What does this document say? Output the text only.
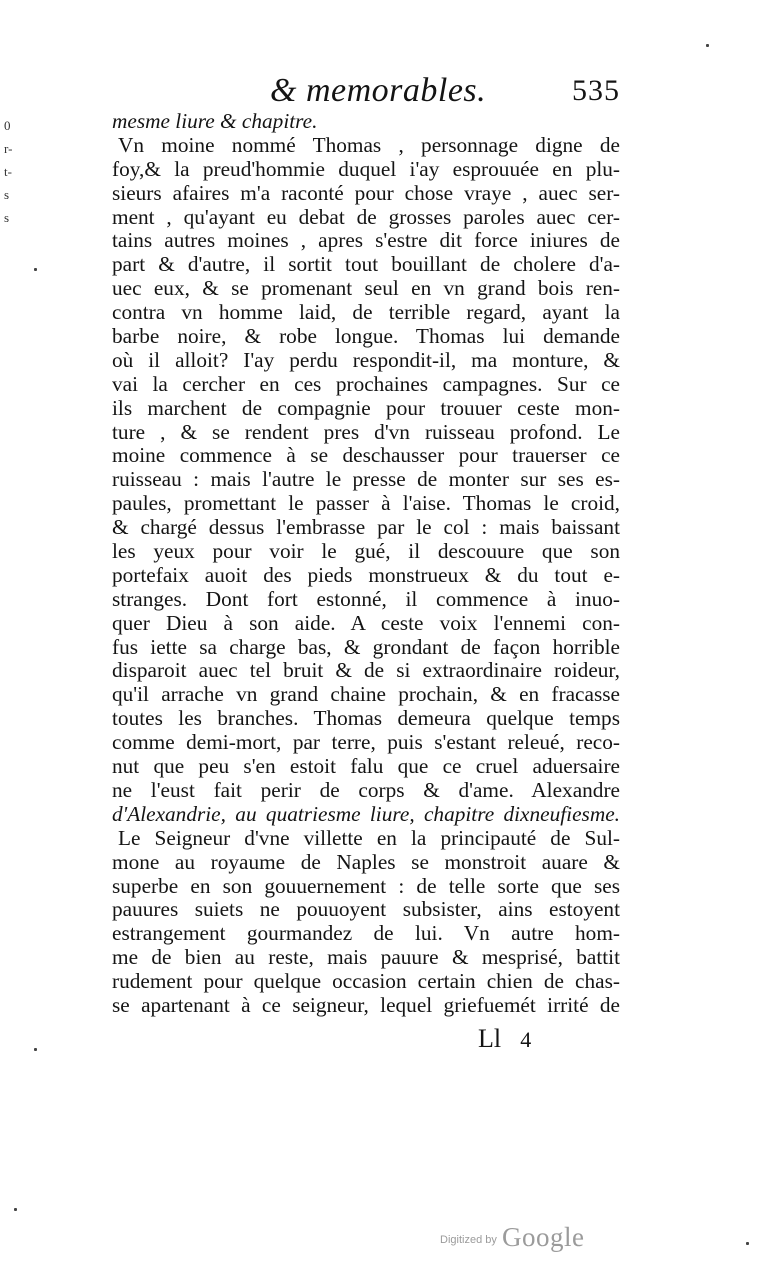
0
r-
t-
s
s
& memorables.	535
mesme liure & chapitre.
Vn moine nommé Thomas , personnage digne de
foy,& la preud'hommie duquel i'ay esprouuée en plu-
sieurs afaires m'a raconté pour chose vraye , auec ser-
ment , qu'ayant eu debat de grosses paroles auec cer-
tains autres moines , apres s'estre dit force iniures de
part & d'autre, il sortit tout bouillant de cholere d'a-
uec eux, & se promenant seul en vn grand bois ren-
contra vn homme laid, de terrible regard, ayant la
barbe noire, & robe longue. Thomas lui demande
où il alloit? I'ay perdu respondit-il, ma monture, &
vai la cercher en ces prochaines campagnes. Sur ce
ils marchent de compagnie pour trouuer ceste mon-
ture , & se rendent pres d'vn ruisseau profond. Le
moine commence à se deschausser pour trauerser ce
ruisseau : mais l'autre le presse de monter sur ses es-
paules, promettant le passer à l'aise. Thomas le croid,
& chargé dessus l'embrasse par le col : mais baissant
les yeux pour voir le gué, il descouure que son
portefaix auoit des pieds monstrueux & du tout e-
stranges. Dont fort estonné, il commence à inuo-
quer Dieu à son aide. A ceste voix l'ennemi con-
fus iette sa charge bas, & grondant de façon horrible
disparoit auec tel bruit & de si extraordinaire roideur,
qu'il arrache vn grand chaine prochain, & en fracasse
toutes les branches. Thomas demeura quelque temps
comme demi-mort, par terre, puis s'estant releué, reco-
nut que peu s'en estoit falu que ce cruel aduersaire
ne l'eust fait perir de corps & d'ame. Alexandre
d'Alexandrie, au quatriesme liure, chapitre dixneufiesme.
Le Seigneur d'vne villette en la principauté de Sul-
mone au royaume de Naples se monstroit auare &
superbe en son gouuernement : de telle sorte que ses
pauures suiets ne pouuoyent subsister, ains estoyent
estrangement gourmandez de lui. Vn autre hom-
me de bien au reste, mais pauure & mesprisé, battit
rudement pour quelque occasion certain chien de chas-
se apartenant à ce seigneur, lequel griefuemét irrité de
Ll 4
Digitized by Google
